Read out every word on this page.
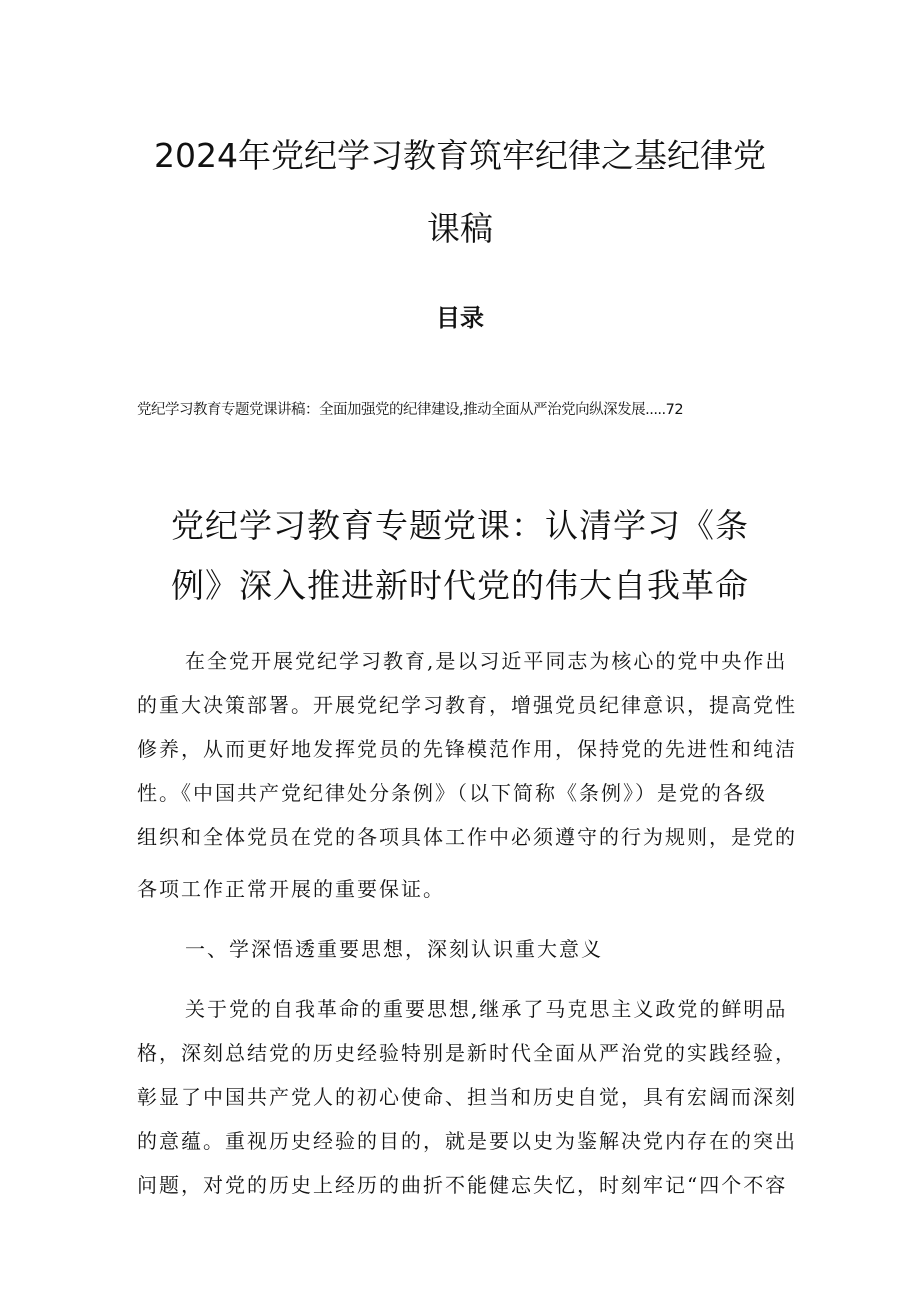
2024年党纪学习教育筑牢纪律之基纪律党
课稿
目录
党纪学习教育专题党课讲稿：全面加强党的纪律建设,推动全面从严治党向纵深发展.....72
党纪学习教育专题党课：认清学习《条
例》深入推进新时代党的伟大自我革命

在全党开展党纪学习教育,是以习近平同志为核心的党中央作出

的重大决策部署。开展党纪学习教育，增强党员纪律意识，提高党性

修养，从而更好地发挥党员的先锋模范作用，保持党的先进性和纯洁

性。《中国共产党纪律处分条例》（以下简称《条例》）是党的各级

组织和全体党员在党的各项具体工作中必须遵守的行为规则，是党的

各项工作正常开展的重要保证。

一、学深悟透重要思想，深刻认识重大意义

关于党的自我革命的重要思想,继承了马克思主义政党的鲜明品

格，深刻总结党的历史经验特别是新时代全面从严治党的实践经验，

彰显了中国共产党人的初心使命、担当和历史自觉，具有宏阔而深刻

的意蕴。重视历史经验的目的，就是要以史为鉴解决党内存在的突出

问题，对党的历史上经历的曲折不能健忘失忆，时刻牢记“四个不容
